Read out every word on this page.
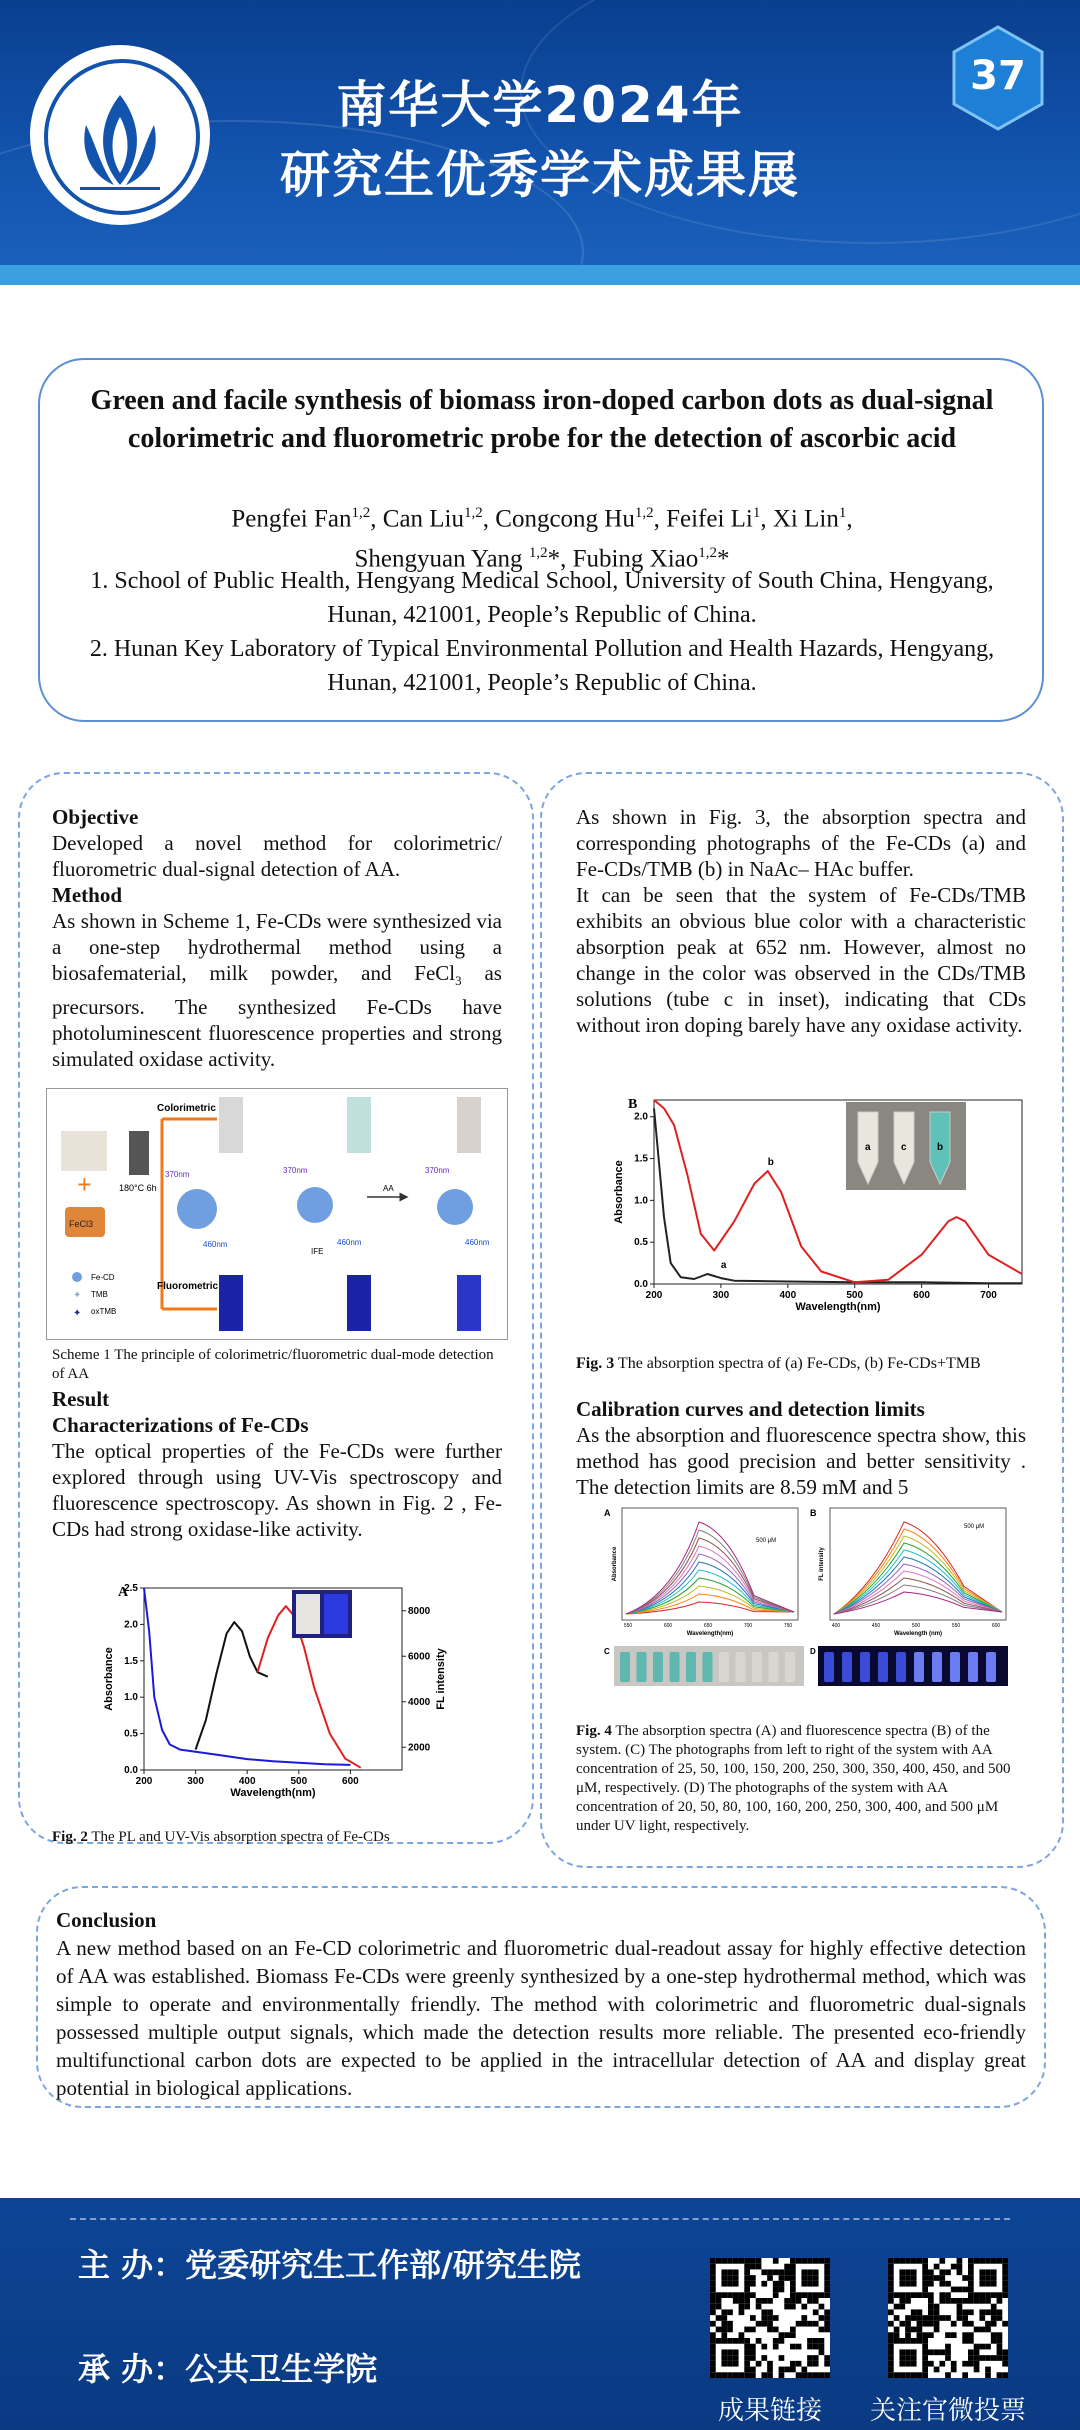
南华大学2024年
研究生优秀学术成果展
37
Green and facile synthesis of biomass iron-doped carbon dots as dual-signal colorimetric and fluorometric probe for the detection of ascorbic acid
Pengfei Fan$^{1,2}$, Can Liu$^{1,2}$, Congcong Hu$^{1,2}$, Feifei Li$^1$, Xi Lin$^1$,
Shengyuan Yang $^{1,2}$*, Fubing Xiao$^{1,2}$*
1. School of Public Health, Hengyang Medical School, University of South China, Hengyang, Hunan, 421001, People’s Republic of China.
2. Hunan Key Laboratory of Typical Environmental Pollution and Health Hazards, Hengyang, Hunan, 421001, People’s Republic of China.
Objective
Developed a novel method for colorimetric/ fluorometric dual-signal detection of AA.
Method
As shown in Scheme 1, Fe-CDs were synthesized via a one-step hydrothermal method using a biosafematerial, milk powder, and FeCl$_3$ as precursors. The synthesized Fe-CDs have photoluminescent fluorescence properties and strong simulated oxidase activity.
FeCl3
+	180°C 6h
Colorimetric
Fluorometric
370nm	370nm	370nm
460nm	460nm	460nm
IFE
AA
Fe-CD
✦ TMB
✦ oxTMB
Scheme 1 The principle of colorimetric/fluorometric dual-mode detection of AA
Result
Characterizations of Fe-CDs
The optical properties of the Fe-CDs were further explored through using UV-Vis spectroscopy and fluorescence spectroscopy. As shown in Fig. 2 , Fe-CDs had strong oxidase-like activity.
200	300	400	500	600
0.0
0.5
1.0
1.5
2.0
2.5
2000
4000
6000
8000
Wavelength(nm)
Absorbance	FL intensity
A
Fig. 2 The PL and UV-Vis absorption spectra of Fe-CDs
As shown in Fig. 3, the absorption spectra and corresponding photographs of the Fe-CDs (a) and Fe-CDs/TMB (b) in NaAc– HAc buffer.
It can be seen that the system of Fe-CDs/TMB exhibits an obvious blue color with a characteristic absorption peak at 652 nm. However, almost no change in the color was observed in the CDs/TMB solutions (tube c in inset), indicating that CDs without iron doping barely have any oxidase activity.
200	300	400	500	600	700
0.0
0.5
1.0
1.5
2.0
Wavelength(nm)
Absorbance
B
a
b
a	c	b
Fig. 3 The absorption spectra of (a) Fe-CDs, (b) Fe-CDs+TMB
Calibration curves and detection limits
As the absorption and fluorescence spectra show, this method has good precision and better sensitivity . The detection limits are 8.59 mM and 5
A
500 μM
550	600	650	700	750
Wavelength(nm)
Absorbance
B
500 μM
400	450	500	550	600
Wavelength (nm)
FL intensity
C	D
Fig. 4 The absorption spectra (A) and fluorescence spectra (B) of the system. (C) The photographs from left to right of the system with AA concentration of 25, 50, 100, 150, 200, 250, 300, 350, 400, 450, and 500 μM, respectively. (D) The photographs of the system with AA concentration of 20, 50, 80, 100, 160, 200, 250, 300, 400, and 500 μM under UV light, respectively.
Conclusion
A new method based on an Fe-CD colorimetric and fluorometric dual-readout assay for highly effective detection of AA was established. Biomass Fe-CDs were greenly synthesized by a one-step hydrothermal method, which was simple to operate and environmentally friendly. The method with colorimetric and fluorometric dual-signals possessed multiple output signals, which made the detection results more reliable. The presented eco-friendly multifunctional carbon dots are expected to be applied in the intracellular detection of AA and display great potential in biological applications.
主 办：党委研究生工作部/研究生院
承 办：公共卫生学院
成果链接	关注官微投票
